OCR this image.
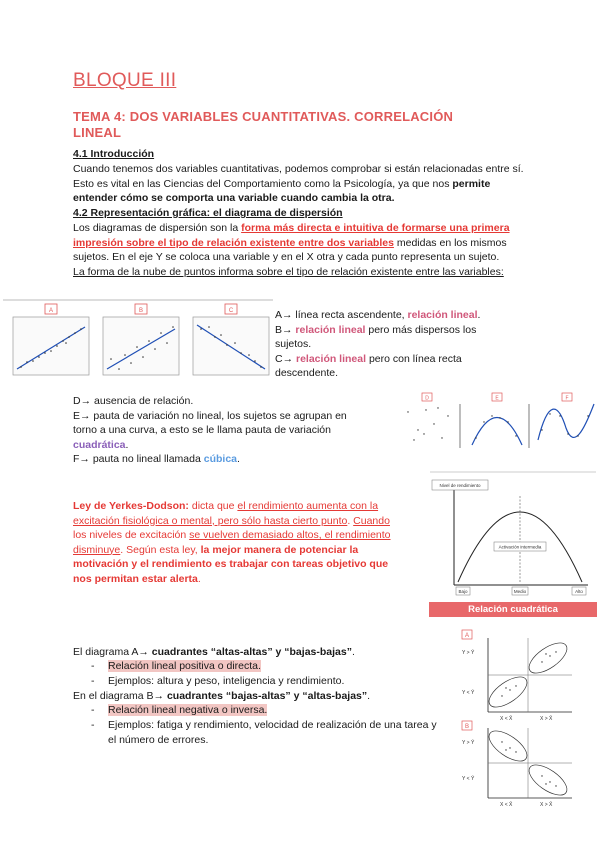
BLOQUE III
TEMA 4: DOS VARIABLES CUANTITATIVAS. CORRELACIÓN LINEAL
4.1 Introducción
Cuando tenemos dos variables cuantitativas, podemos comprobar si están relacionadas entre sí. Esto es vital en las Ciencias del Comportamiento como la Psicología, ya que nos permite entender cómo se comporta una variable cuando cambia la otra.
4.2 Representación gráfica: el diagrama de dispersión
Los diagramas de dispersión son la forma más directa e intuitiva de formarse una primera impresión sobre el tipo de relación existente entre dos variables medidas en los mismos sujetos. En el eje Y se coloca una variable y en el X otra y cada punto representa un sujeto.
La forma de la nube de puntos informa sobre el tipo de relación existente entre las variables:
A	B	C	A→ línea recta ascendente, relación lineal.
B→ relación lineal pero más dispersos los sujetos.
C→ relación lineal pero con línea recta descendente.
D→ ausencia de relación.
E→ pauta de variación no lineal, los sujetos se agrupan en torno a una curva, a esto se le llama pauta de variación cuadrática.
F→ pauta no lineal llamada cúbica.
D	E	F
Ley de Yerkes-Dodson: dicta que el rendimiento aumenta con la excitación fisiológica o mental, pero sólo hasta cierto punto. Cuando los niveles de excitación se vuelven demasiado altos, el rendimiento disminuye. Según esta ley, la mejor manera de potenciar la motivación y el rendimiento es trabajar con tareas objetivo que nos permitan estar alerta.
Nivel de rendimiento
Activación intermedia
Bajo	Medio	Alto
Relación cuadrática
El diagrama A→ cuadrantes “altas-altas” y “bajas-bajas”.
- Relación lineal positiva o directa.
- Ejemplos: altura y peso, inteligencia y rendimiento.
En el diagrama B→ cuadrantes “bajas-altas” y “altas-bajas”.
- Relación lineal negativa o inversa.
- Ejemplos: fatiga y rendimiento, velocidad de realización de una tarea y el número de errores.
A
Y > Ȳ
Y < Ȳ
X < X̄	X > X̄
B
Y > Ȳ
Y < Ȳ
X < X̄	X > X̄
